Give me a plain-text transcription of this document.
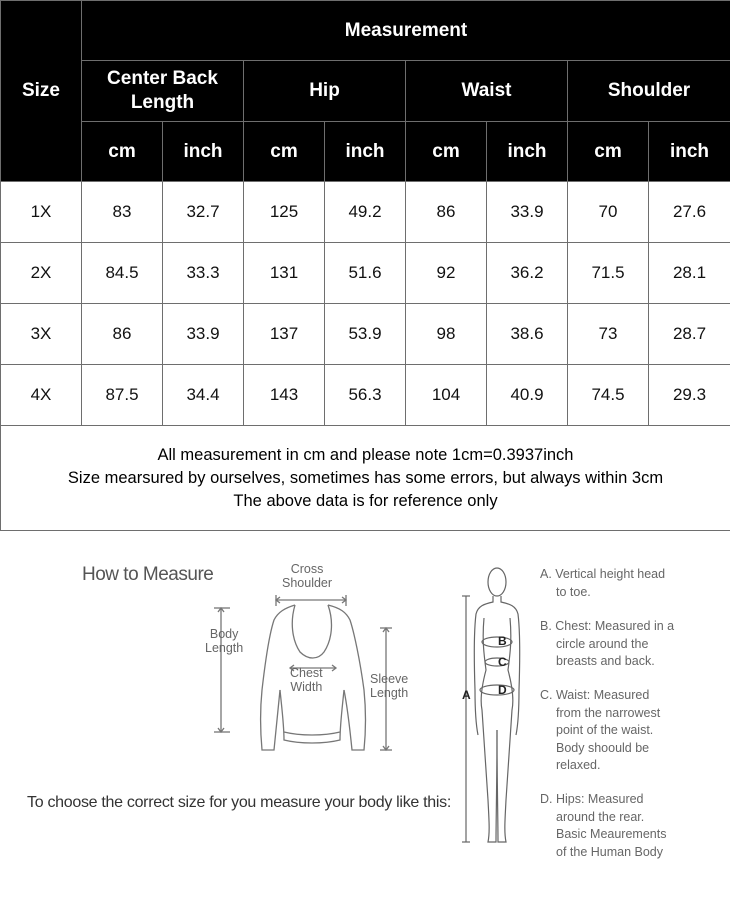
Size	Measurement							
	Center Back Length		Hip		Waist		Shoulder	
	cm	inch	cm	inch	cm	inch	cm	inch
1X	83	32.7	125	49.2	86	33.9	70	27.6
2X	84.5	33.3	131	51.6	92	36.2	71.5	28.1
3X	86	33.9	137	53.9	98	38.6	73	28.7
4X	87.5	34.4	143	56.3	104	40.9	74.5	29.3

All measurement in cm and please note 1cm=0.3937inch
Size mearsured by ourselves, sometimes has some errors, but always within 3cm
The above data is for reference only								
How to Measure	Cross
Shoulder
Body
Length
Chest
Width
Sleeve
Length
To choose the correct size for you measure your body like this:
A
B
C
D
A. Vertical height head
to toe.
B. Chest: Measured in a
circle around the
breasts and back.
C. Waist: Measured
from the narrowest
point of the waist.
Body shoould be
relaxed.
D. Hips: Measured
around the rear.
Basic Meaurements
of the Human Body
